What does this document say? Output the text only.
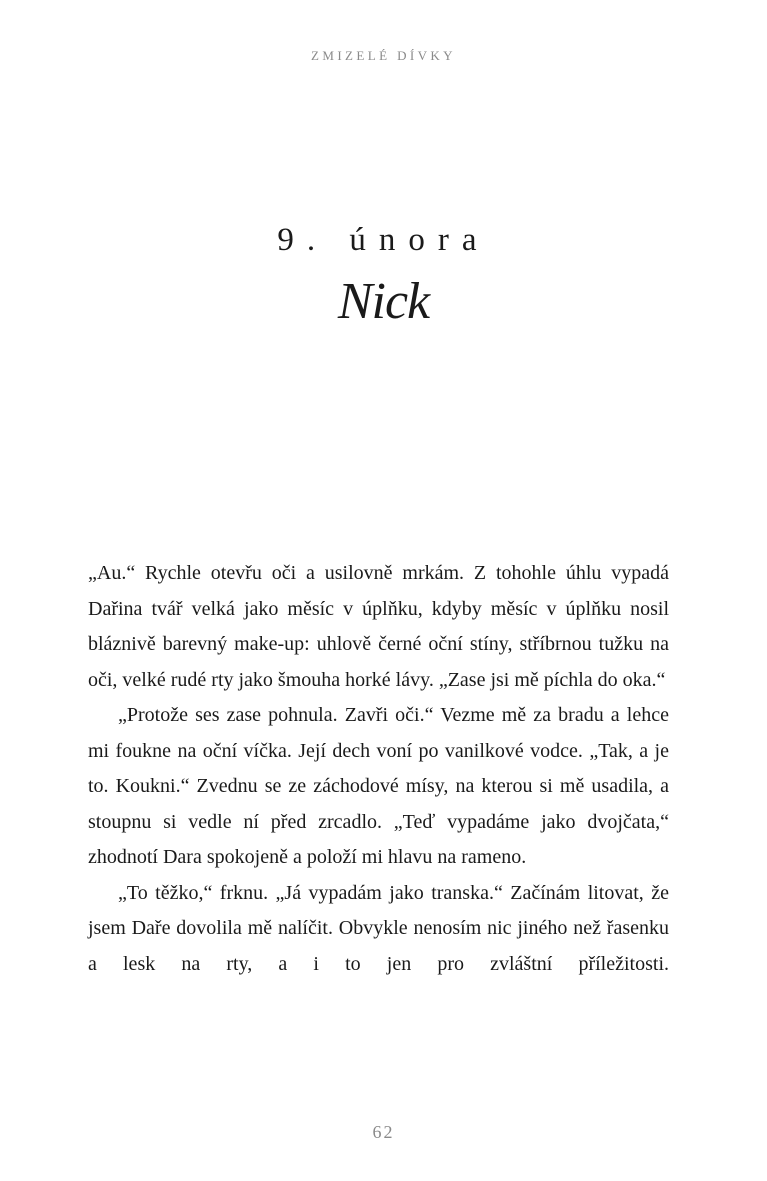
ZMIZELÉ DÍVKY
9. února
Nick

„Au.“ Rychle otevřu oči a usilovně mrkám. Z tohohle úhlu vypadá Dařina tvář velká jako měsíc v úplňku, kdyby měsíc v úplňku nosil bláznivě barevný make-up: uhlově černé oční stíny, stříbrnou tužku na oči, velké rudé rty jako šmouha horké lávy. „Zase jsi mě píchla do oka.“

„Protože ses zase pohnula. Zavři oči.“ Vezme mě za bradu a lehce mi foukne na oční víčka. Její dech voní po vanilkové vodce. „Tak, a je to. Koukni.“ Zvednu se ze záchodové mísy, na kterou si mě usadila, a stoupnu si vedle ní před zrcadlo. „Teď vypadáme jako dvojčata,“ zhodnotí Dara spokojeně a položí mi hlavu na rameno.

„To těžko,“ frknu. „Já vypadám jako transka.“ Začínám litovat, že jsem Daře dovolila mě nalíčit. Obvykle nenosím nic jiného než řasenku a lesk na rty, a i to jen pro zvláštní příležitosti.

62
